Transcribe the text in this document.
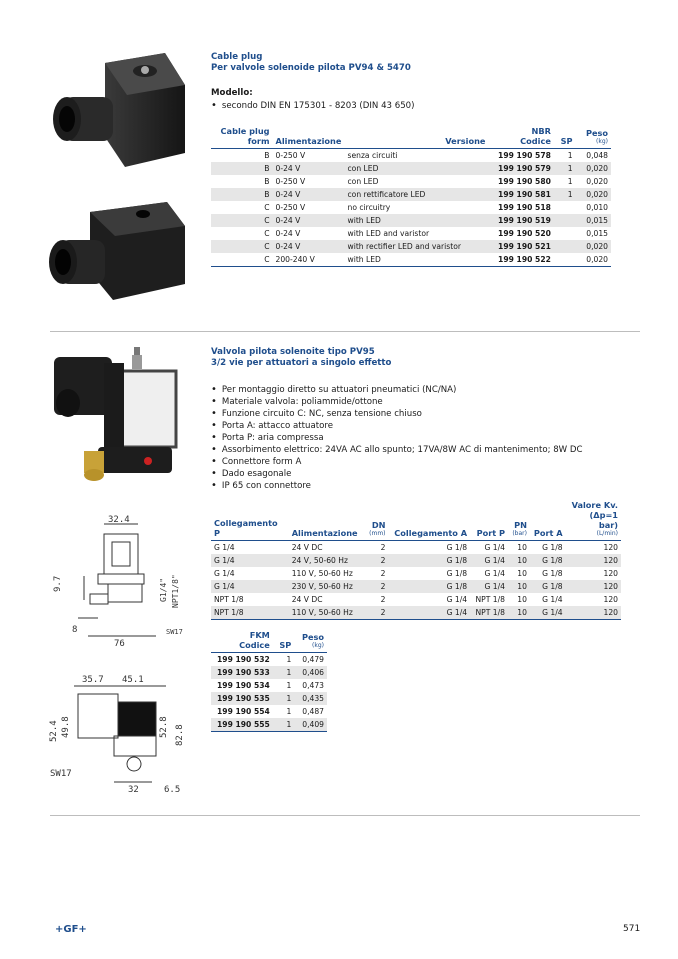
Cable plug
Per valvole solenoide pilota PV94 & 5470
Modello:
• secondo DIN EN 175301 - 8203 (DIN 43 650)
Cable plug
form	Alimentazione	Versione	NBR
Codice	SP	Peso
(kg)

B	0-250 V	senza circuiti	199 190 578	1	0,048
B	0-24 V	con LED	199 190 579	1	0,020
B	0-250 V	con LED	199 190 580	1	0,020
B	0-24 V	con rettificatore LED	199 190 581	1	0,020
C	0-250 V	no circuitry	199 190 518		0,010
C	0-24 V	with LED	199 190 519		0,015
C	0-24 V	with LED and varistor	199 190 520		0,015
C	0-24 V	with rectifier LED and varistor	199 190 521		0,020
C	200-240 V	with LED	199 190 522		0,020
Valvola pilota solenoite tipo PV95
3/2 vie per attuatori a singolo effetto
• Per montaggio diretto su attuatori pneumatici (NC/NA)
• Materiale valvola: poliammide/ottone
• Funzione circuito C: NC, senza tensione chiuso
• Porta A: attacco attuatore
• Porta P: aria compressa
• Assorbimento elettrico: 24VA AC allo spunto; 17VA/8W AC di mantenimento; 8W DC
• Connettore form A
• Dado esagonale
• IP 65 con connettore
Collegamento P	Alimentazione	DN
(mm)	Collegamento A	Port P	PN
(bar)	Port A	Valore Kv.
(Δp=1 bar)
(L/min)

G 1/4	24 V DC	2	G 1/8	G 1/4	10	G 1/8	120
G 1/4	24 V, 50-60 Hz	2	G 1/8	G 1/4	10	G 1/8	120
G 1/4	110 V, 50-60 Hz	2	G 1/8	G 1/4	10	G 1/8	120
G 1/4	230 V, 50-60 Hz	2	G 1/8	G 1/4	10	G 1/8	120
NPT 1/8	24 V DC	2	G 1/4	NPT 1/8	10	G 1/4	120
NPT 1/8	110 V, 50-60 Hz	2	G 1/4	NPT 1/8	10	G 1/4	120
FKM
Codice	SP	Peso
(kg)

199 190 532	1	0,479
199 190 533	1	0,406
199 190 534	1	0,473
199 190 535	1	0,435
199 190 554	1	0,487
199 190 555	1	0,409
32.4
9.7
8
76
SW17
G1/4" NPT1/8"
35.7 45.1
52.4 49.8	52.8 82.8
SW17
32	6.5
+GF+	571
